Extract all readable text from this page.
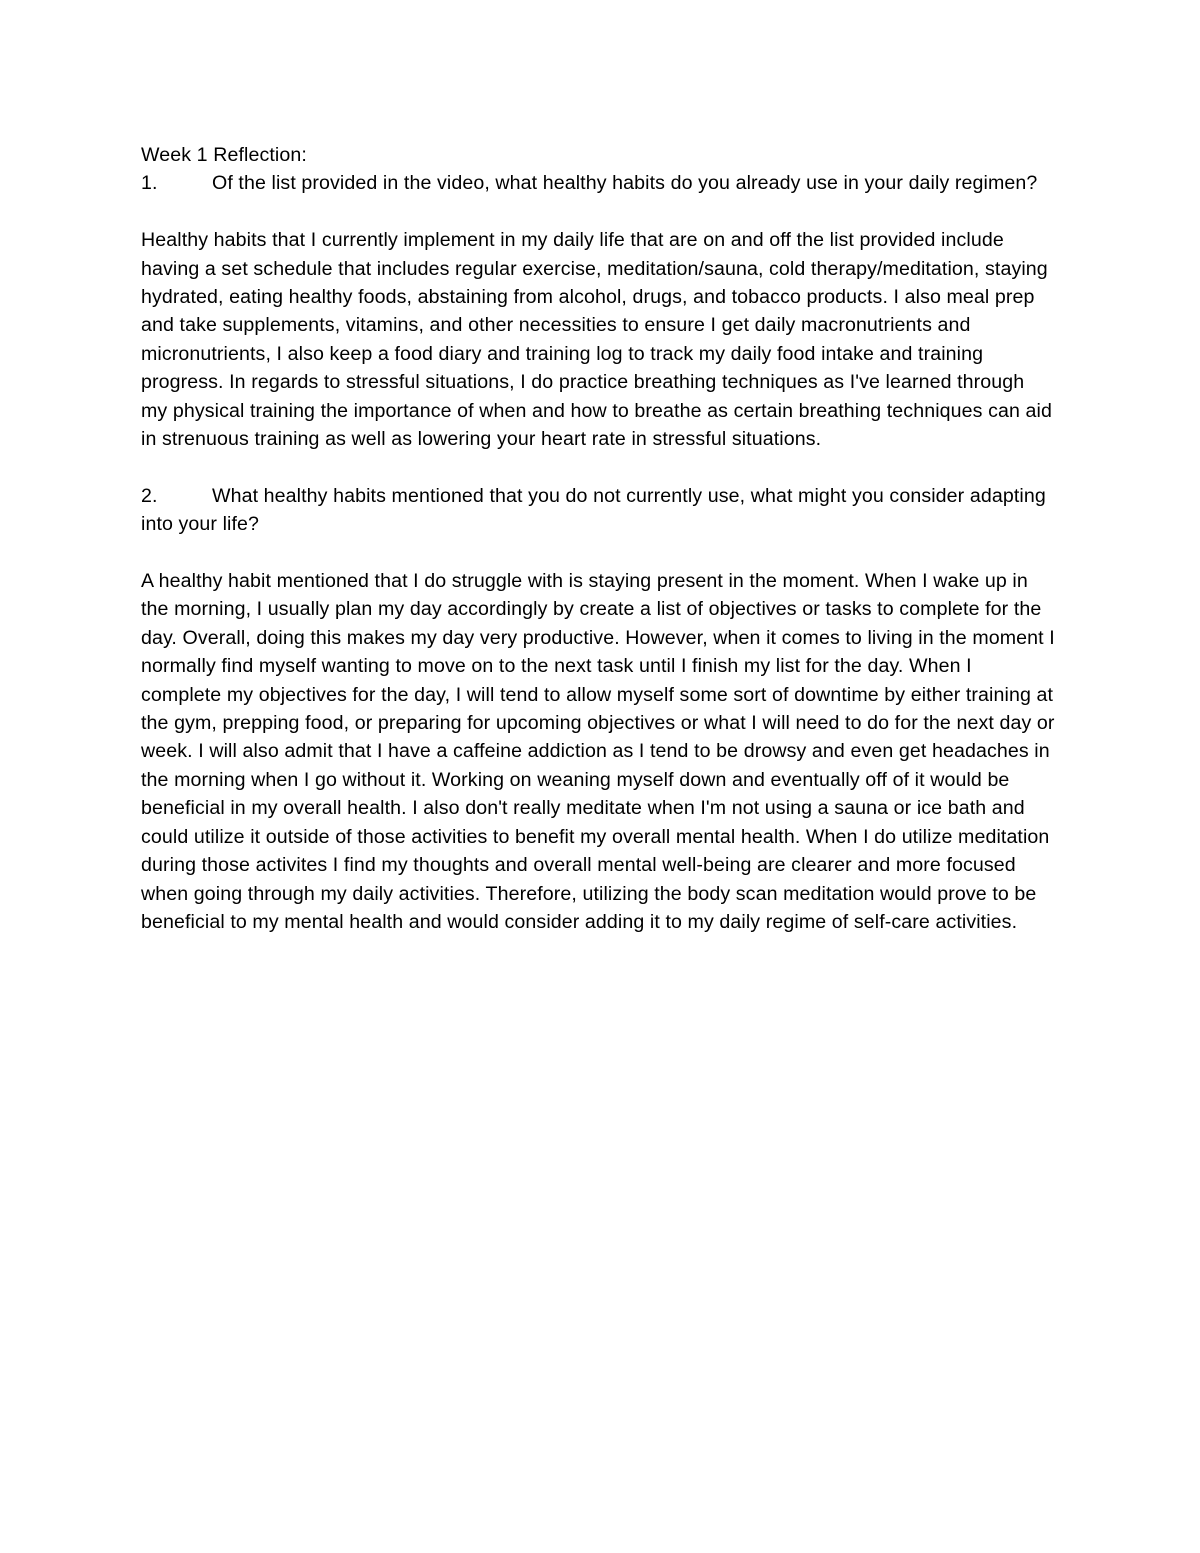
Week 1 Reflection:

1.	Of the list provided in the video, what healthy habits do you already use in your daily regimen?

Healthy habits that I currently implement in my daily life that are on and off the list provided include having a set schedule that includes regular exercise, meditation/sauna, cold therapy/meditation, staying hydrated, eating healthy foods, abstaining from alcohol, drugs, and tobacco products. I also meal prep and take supplements, vitamins, and other necessities to ensure I get daily macronutrients and micronutrients, I also keep a food diary and training log to track my daily food intake and training progress. In regards to stressful situations, I do practice breathing techniques as I've learned through my physical training the importance of when and how to breathe as certain breathing techniques can aid in strenuous training as well as lowering your heart rate in stressful situations.

2.	What healthy habits mentioned that you do not currently use, what might you consider adapting into your life?

A healthy habit mentioned that I do struggle with is staying present in the moment. When I wake up in the morning, I usually plan my day accordingly by create a list of objectives or tasks to complete for the day. Overall, doing this makes my day very productive. However, when it comes to living in the moment I normally find myself wanting to move on to the next task until I finish my list for the day. When I complete my objectives for the day, I will tend to allow myself some sort of downtime by either training at the gym, prepping food, or preparing for upcoming objectives or what I will need to do for the next day or week. I will also admit that I have a caffeine addiction as I tend to be drowsy and even get headaches in the morning when I go without it. Working on weaning myself down and eventually off of it would be beneficial in my overall health. I also don't really meditate when I'm not using a sauna or ice bath and could utilize it outside of those activities to benefit my overall mental health. When I do utilize meditation during those activites I find my thoughts and overall mental well-being are clearer and more focused when going through my daily activities. Therefore, utilizing the body scan meditation would prove to be beneficial to my mental health and would consider adding it to my daily regime of self-care activities.
